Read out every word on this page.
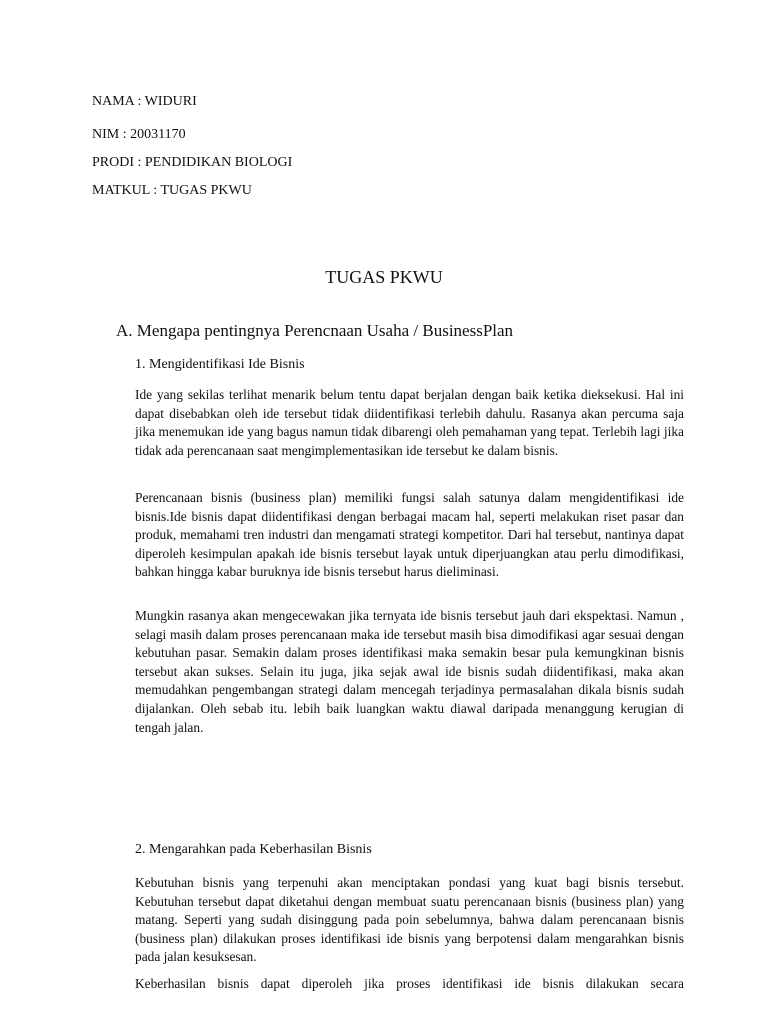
NAMA : WIDURI
NIM : 20031170
PRODI : PENDIDIKAN BIOLOGI
MATKUL : TUGAS PKWU
TUGAS PKWU
A. Mengapa pentingnya Perencnaan Usaha / BusinessPlan
1. Mengidentifikasi Ide Bisnis

Ide yang sekilas terlihat menarik belum tentu dapat berjalan dengan baik ketika dieksekusi. Hal ini dapat disebabkan oleh ide tersebut tidak diidentifikasi terlebih dahulu. Rasanya akan percuma saja jika menemukan ide yang bagus namun tidak dibarengi oleh pemahaman yang tepat. Terlebih lagi jika tidak ada perencanaan saat mengimplementasikan ide tersebut ke dalam bisnis.

Perencanaan bisnis (business plan) memiliki fungsi salah satunya dalam mengidentifikasi ide bisnis.Ide bisnis dapat diidentifikasi dengan berbagai macam hal, seperti melakukan riset pasar dan produk, memahami tren industri dan mengamati strategi kompetitor. Dari hal tersebut, nantinya dapat diperoleh kesimpulan apakah ide bisnis tersebut layak untuk diperjuangkan atau perlu dimodifikasi, bahkan hingga kabar buruknya ide bisnis tersebut harus dieliminasi.

Mungkin rasanya akan mengecewakan jika ternyata ide bisnis tersebut jauh dari ekspektasi. Namun , selagi masih dalam proses perencanaan maka ide tersebut masih bisa dimodifikasi agar sesuai dengan kebutuhan pasar. Semakin dalam proses identifikasi maka semakin besar pula kemungkinan bisnis tersebut akan sukses. Selain itu juga, jika sejak awal ide bisnis sudah diidentifikasi, maka akan memudahkan pengembangan strategi dalam mencegah terjadinya permasalahan dikala bisnis sudah dijalankan. Oleh sebab itu. lebih baik luangkan waktu diawal daripada menanggung kerugian di tengah jalan.

2. Mengarahkan pada Keberhasilan Bisnis

Kebutuhan bisnis yang terpenuhi akan menciptakan pondasi yang kuat bagi bisnis tersebut. Kebutuhan tersebut dapat diketahui dengan membuat suatu perencanaan bisnis (business plan) yang matang. Seperti yang sudah disinggung pada poin sebelumnya, bahwa dalam perencanaan bisnis (business plan) dilakukan proses identifikasi ide bisnis yang berpotensi dalam mengarahkan bisnis pada jalan kesuksesan.

Keberhasilan bisnis dapat diperoleh jika proses identifikasi ide bisnis dilakukan secara
